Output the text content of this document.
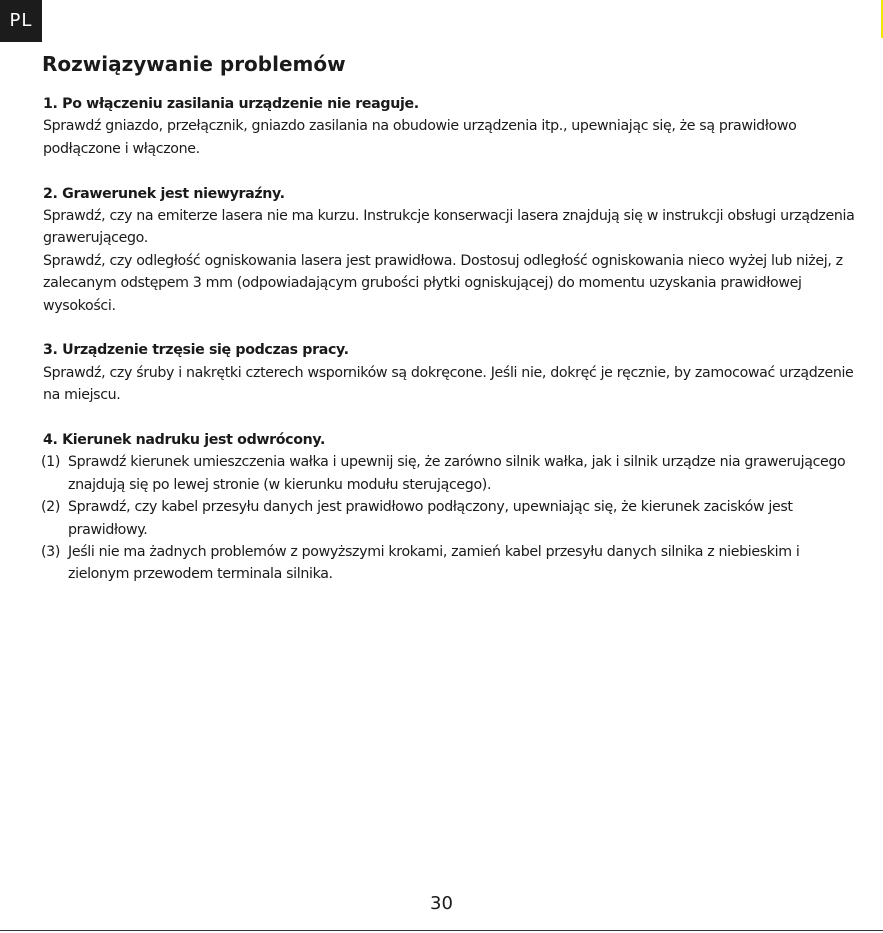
PL
Rozwiązywanie problemów
1. Po włączeniu zasilania urządzenie nie reaguje.

Sprawdź gniazdo, przełącznik, gniazdo zasilania na obudowie urządzenia itp., upewniając się, że są prawidłowo podłączone i włączone.

2. Grawerunek jest niewyraźny.

Sprawdź, czy na emiterze lasera nie ma kurzu. Instrukcje konserwacji lasera znajdują się w instrukcji obsługi urządzenia grawerującego.

Sprawdź, czy odległość ogniskowania lasera jest prawidłowa. Dostosuj odległość ogniskowania nieco wyżej lub niżej, z zalecanym odstępem 3 mm (odpowiadającym grubości płytki ogniskującej) do momentu uzyskania prawidłowej wysokości.

3. Urządzenie trzęsie się podczas pracy.

Sprawdź, czy śruby i nakrętki czterech wsporników są dokręcone. Jeśli nie, dokręć je ręcznie, by zamocować urządzenie na miejscu.

4. Kierunek nadruku jest odwrócony.
(1) Sprawdź kierunek umieszczenia wałka i upewnij się, że zarówno silnik wałka, jak i silnik urządze nia grawerującego znajdują się po lewej stronie (w kierunku modułu sterującego).
(2) Sprawdź, czy kabel przesyłu danych jest prawidłowo podłączony, upewniając się, że kierunek zacisków jest prawidłowy.
(3) Jeśli nie ma żadnych problemów z powyższymi krokami, zamień kabel przesyłu danych silnika z niebieskim i zielonym przewodem terminala silnika.
30
